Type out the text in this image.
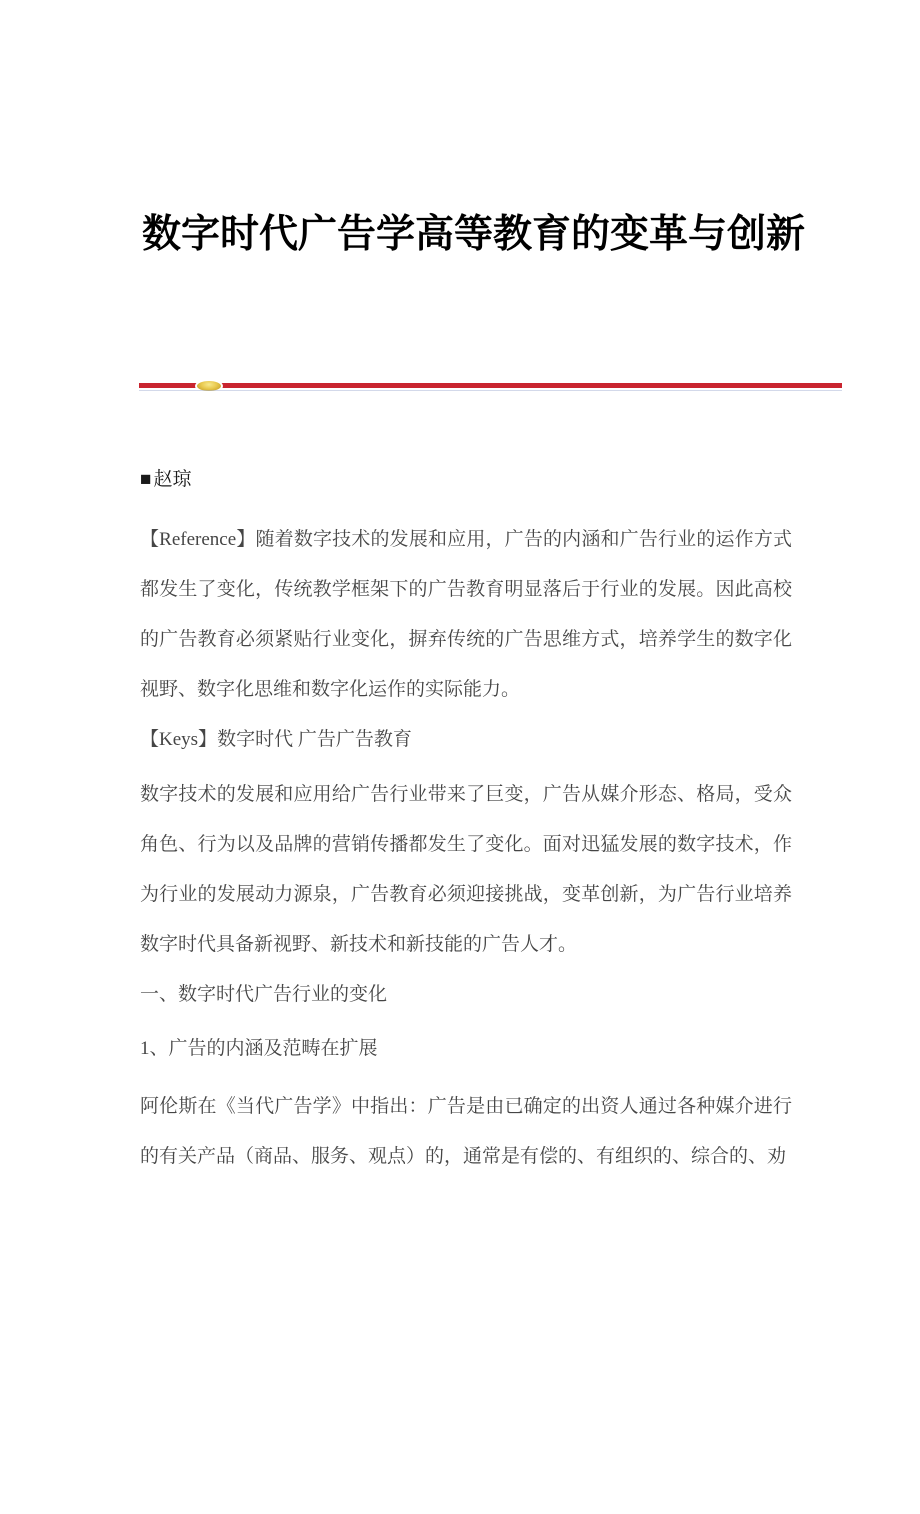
数字时代广告学高等教育的变革与创新
■赵琼

【Reference】随着数字技术的发展和应用，广告的内涵和广告行业的运作方式都发生了变化，传统教学框架下的广告教育明显落后于行业的发展。因此高校的广告教育必须紧贴行业变化，摒弃传统的广告思维方式，培养学生的数字化视野、数字化思维和数字化运作的实际能力。

【Keys】数字时代 广告广告教育

数字技术的发展和应用给广告行业带来了巨变，广告从媒介形态、格局，受众角色、行为以及品牌的营销传播都发生了变化。面对迅猛发展的数字技术，作为行业的发展动力源泉，广告教育必须迎接挑战，变革创新，为广告行业培养数字时代具备新视野、新技术和新技能的广告人才。

一、数字时代广告行业的变化

1、广告的内涵及范畴在扩展

阿伦斯在《当代广告学》中指出：广告是由已确定的出资人通过各种媒介进行的有关产品（商品、服务、观点）的，通常是有偿的、有组织的、综合的、劝
